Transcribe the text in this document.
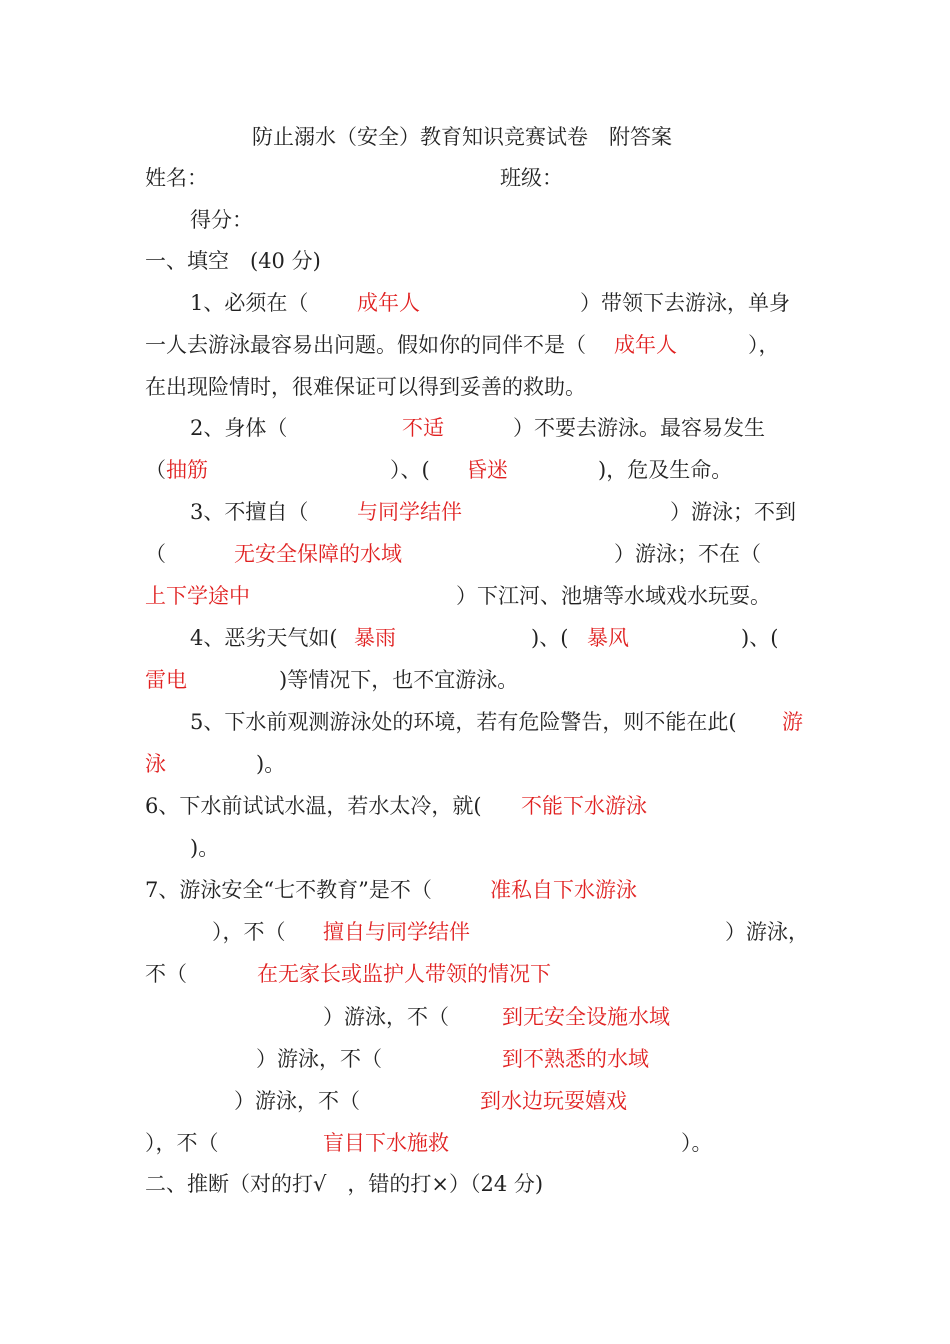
防止溺水（安全）教育知识竞赛试卷　附答案
姓名：	班级：
得分：
一、填空　(40 分)
1、必须在（ 成年人	）带领下去游泳，单身
一人去游泳最容易出问题。假如你的同伴不是（ 成年人	），
在出现险情时，很难保证可以得到妥善的救助。
2、身体（	不适	）不要去游泳。最容易发生
（ 抽筋	）、( 昏迷	)，危及生命。
3、不擅自（ 与同学结伴	）游泳；不到
（	无安全保障的水域	）游泳；不在（
上下学途中	）下江河、池塘等水域戏水玩耍。
4、恶劣天气如( 暴雨	)、( 暴风	)、(
雷电	)等情况下，也不宜游泳。
5、下水前观测游泳处的环境，若有危险警告，则不能在此( 游
泳	)。
6、下水前试试水温，若水太冷，就( 不能下水游泳
)。
7、游泳安全“七不教育”是不（	准私自下水游泳
），不（ 擅自与同学结伴	）游泳，
不（	在无家长或监护人带领的情况下
）游泳，不（	到无安全设施水域
）游泳，不（	到不熟悉的水域
）游泳，不（	到水边玩耍嬉戏
），不（	盲目下水施救	）。
二、推断（对的打√　，错的打×）（24 分)
